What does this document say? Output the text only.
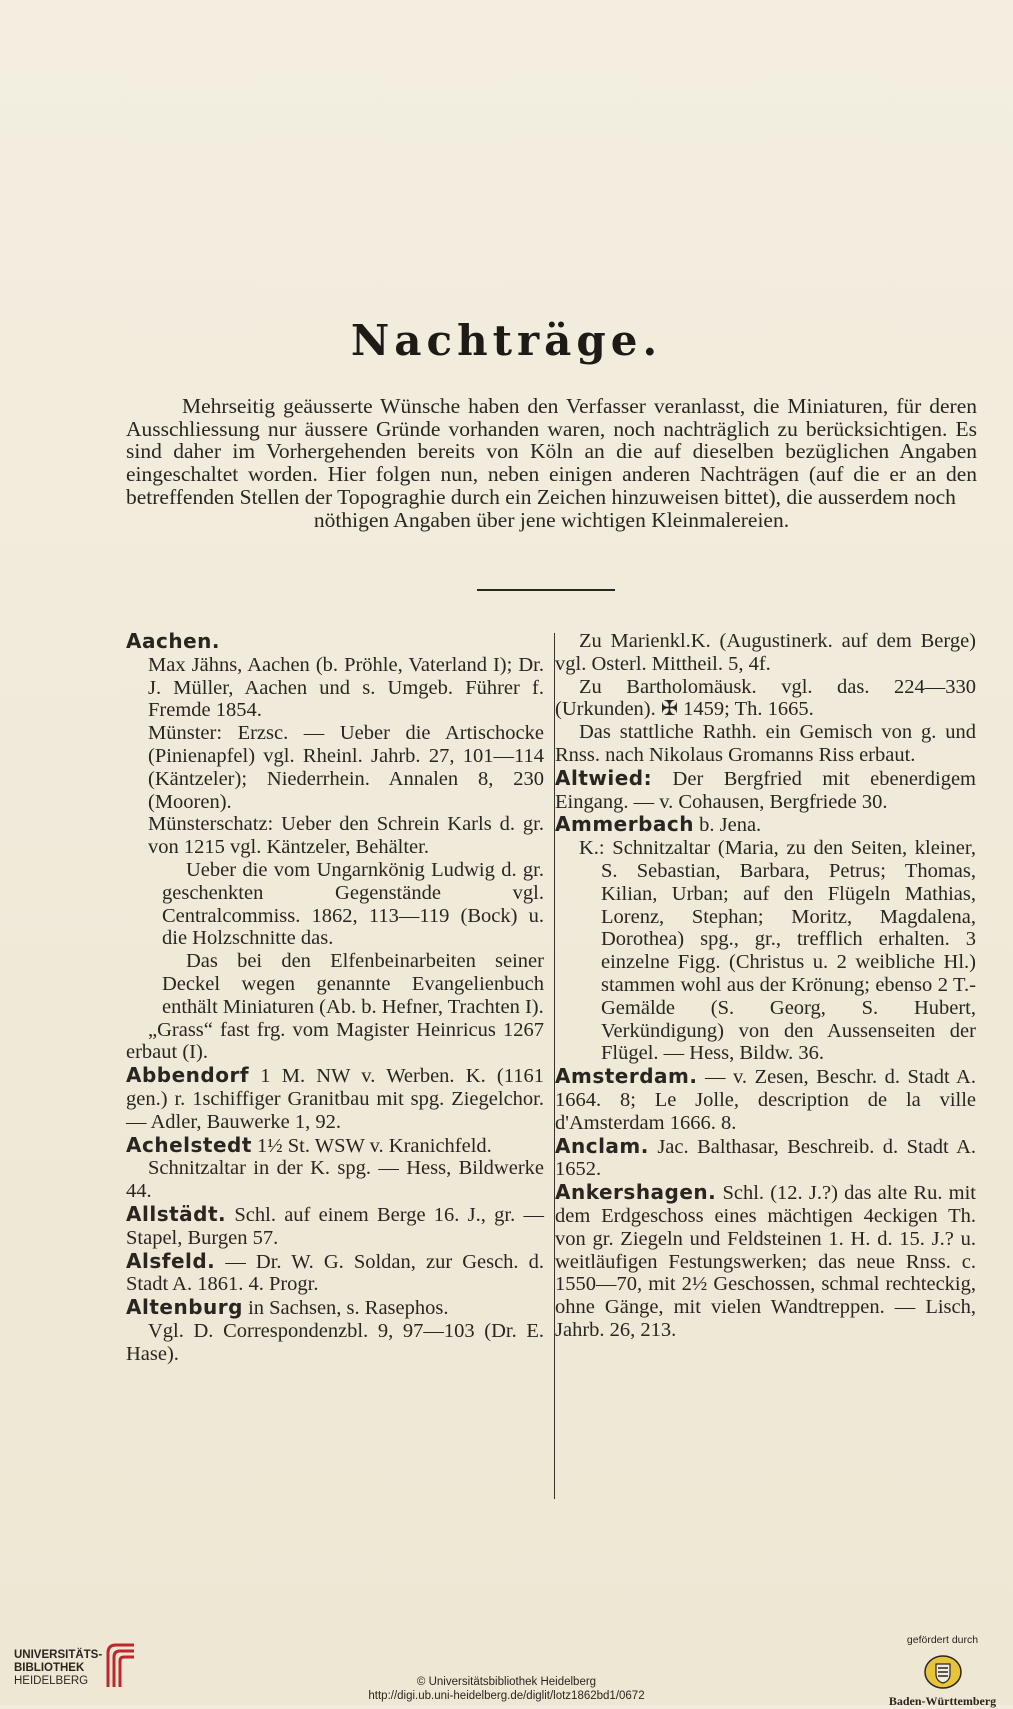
Nachträge.
Mehrseitig geäusserte Wünsche haben den Verfasser veranlasst, die Miniaturen, für deren Ausschliessung nur äussere Gründe vorhanden waren, noch nachträglich zu berücksichtigen. Es sind daher im Vorhergehenden bereits von Köln an die auf dieselben bezüglichen Angaben eingeschaltet worden. Hier folgen nun, neben einigen anderen Nachträgen (auf die er an den betreffenden Stellen der Topograghie durch ein Zeichen hinzuweisen bittet), die ausserdem noch
nöthigen Angaben über jene wichtigen Kleinmalereien.

Aachen.

Max Jähns, Aachen (b. Pröhle, Vaterland I); Dr. J. Müller, Aachen und s. Umgeb. Führer f. Fremde 1854.

Münster: Erzsc. — Ueber die Artischocke (Pinienapfel) vgl. Rheinl. Jahrb. 27, 101—114 (Käntzeler); Niederrhein. Annalen 8, 230 (Mooren).

Münsterschatz: Ueber den Schrein Karls d. gr. von 1215 vgl. Käntzeler, Behälter.

Ueber die vom Ungarnkönig Ludwig d. gr. geschenkten Gegenstände vgl. Centralcommiss. 1862, 113—119 (Bock) u. die Holzschnitte das.

Das bei den Elfenbeinarbeiten seiner Deckel wegen genannte Evangelienbuch enthält Miniaturen (Ab. b. Hefner, Trachten I).

„Grass“ fast frg. vom Magister Heinricus 1267 erbaut (I).

Abbendorf 1 M. NW v. Werben. K. (1161 gen.) r. 1schiffiger Granitbau mit spg. Ziegelchor. — Adler, Bauwerke 1, 92.

Achelstedt 1½ St. WSW v. Kranichfeld.

Schnitzaltar in der K. spg. — Hess, Bildwerke 44.

Allstädt. Schl. auf einem Berge 16. J., gr. — Stapel, Burgen 57.

Alsfeld. — Dr. W. G. Soldan, zur Gesch. d. Stadt A. 1861. 4. Progr.

Altenburg in Sachsen, s. Rasephos.

Vgl. D. Correspondenzbl. 9, 97—103 (Dr. E. Hase).

Zu Marienkl.K. (Augustinerk. auf dem Berge) vgl. Osterl. Mittheil. 5, 4f.

Zu Bartholomäusk. vgl. das. 224—330 (Urkunden). ✠ 1459; Th. 1665.

Das stattliche Rathh. ein Gemisch von g. und Rnss. nach Nikolaus Gromanns Riss erbaut.

Altwied: Der Bergfried mit ebenerdigem Eingang. — v. Cohausen, Bergfriede 30.

Ammerbach b. Jena.

K.: Schnitzaltar (Maria, zu den Seiten, kleiner, S. Sebastian, Barbara, Petrus; Thomas, Kilian, Urban; auf den Flügeln Mathias, Lorenz, Stephan; Moritz, Magdalena, Dorothea) spg., gr., trefflich erhalten. 3 einzelne Figg. (Christus u. 2 weibliche Hl.) stammen wohl aus der Krönung; ebenso 2 T.-Gemälde (S. Georg, S. Hubert, Verkündigung) von den Aussenseiten der Flügel. — Hess, Bildw. 36.

Amsterdam. — v. Zesen, Beschr. d. Stadt A. 1664. 8; Le Jolle, description de la ville d'Amsterdam 1666. 8.

Anclam. Jac. Balthasar, Beschreib. d. Stadt A. 1652.

Ankershagen. Schl. (12. J.?) das alte Ru. mit dem Erdgeschoss eines mächtigen 4eckigen Th. von gr. Ziegeln und Feldsteinen 1. H. d. 15. J.? u. weitläufigen Festungswerken; das neue Rnss. c. 1550—70, mit 2½ Geschossen, schmal rechteckig, ohne Gänge, mit vielen Wandtreppen. — Lisch, Jahrb. 26, 213.

UNIVERSITÄTS-
BIBLIOTHEK
HEIDELBERG	© Universitätsbibliothek Heidelberg
http://digi.ub.uni-heidelberg.de/diglit/lotz1862bd1/0672
gefördert durch
Baden-Württemberg
